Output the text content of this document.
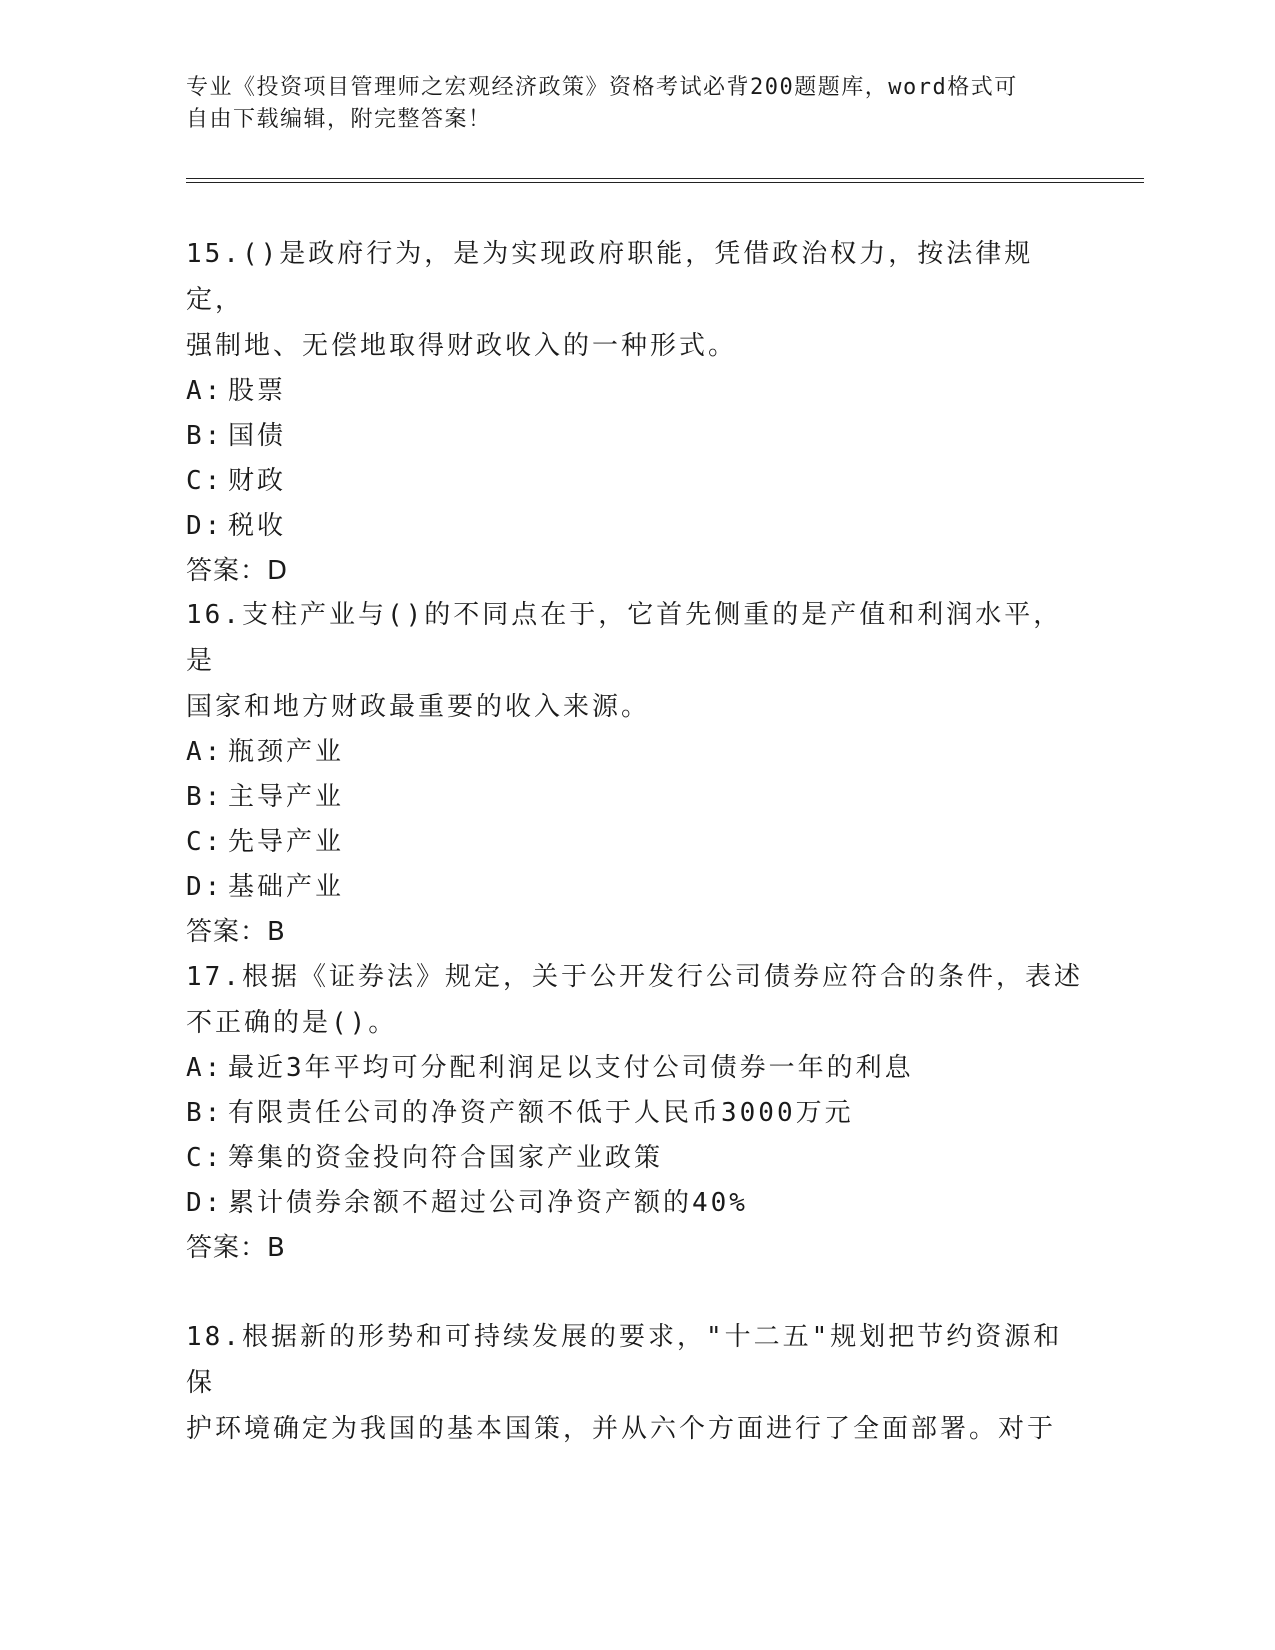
专业《投资项目管理师之宏观经济政策》资格考试必背200题题库，word格式可
自由下载编辑，附完整答案！
15.()是政府行为，是为实现政府职能，凭借政治权力，按法律规定，
强制地、无偿地取得财政收入的一种形式。
A: 股票
B: 国债
C: 财政
D: 税收
答案：D
16.支柱产业与()的不同点在于，它首先侧重的是产值和利润水平，是
国家和地方财政最重要的收入来源。
A: 瓶颈产业
B: 主导产业
C: 先导产业
D: 基础产业
答案：B
17.根据《证券法》规定，关于公开发行公司债券应符合的条件，表述
不正确的是()。
A: 最近3年平均可分配利润足以支付公司债券一年的利息
B: 有限责任公司的净资产额不低于人民币3000万元
C: 筹集的资金投向符合国家产业政策
D: 累计债券余额不超过公司净资产额的40%
答案：B
18.根据新的形势和可持续发展的要求，"十二五"规划把节约资源和保
护环境确定为我国的基本国策，并从六个方面进行了全面部署。对于
